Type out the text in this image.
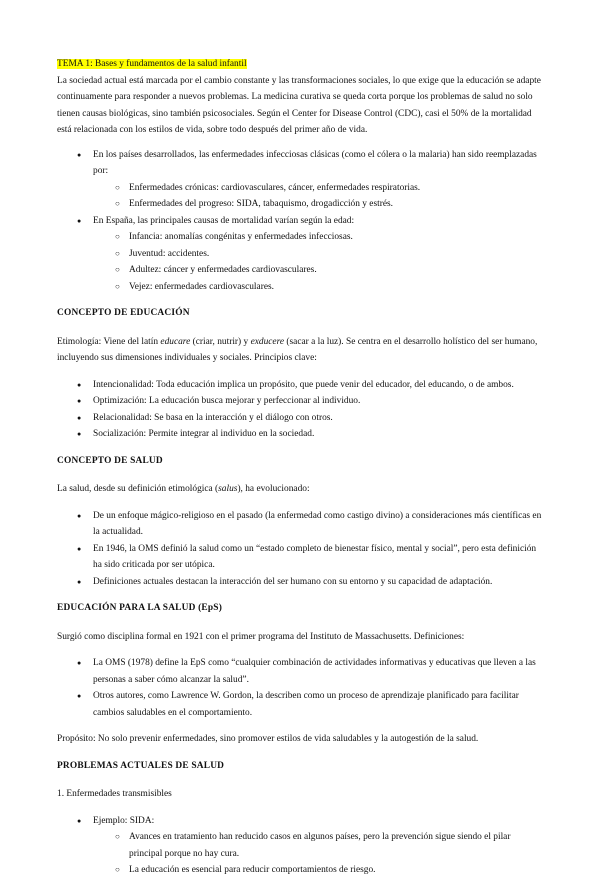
TEMA 1: Bases y fundamentos de la salud infantil

La sociedad actual está marcada por el cambio constante y las transformaciones sociales, lo que exige que la educación se adapte continuamente para responder a nuevos problemas. La medicina curativa se queda corta porque los problemas de salud no solo tienen causas biológicas, sino también psicosociales. Según el Center for Disease Control (CDC), casi el 50% de la mortalidad está relacionada con los estilos de vida, sobre todo después del primer año de vida.

● En los países desarrollados, las enfermedades infecciosas clásicas (como el cólera o la malaria) han sido reemplazadas por:
○ Enfermedades crónicas: cardiovasculares, cáncer, enfermedades respiratorias.
○ Enfermedades del progreso: SIDA, tabaquismo, drogadicción y estrés.
● En España, las principales causas de mortalidad varían según la edad:
○ Infancia: anomalías congénitas y enfermedades infecciosas.
○ Juventud: accidentes.
○ Adultez: cáncer y enfermedades cardiovasculares.
○ Vejez: enfermedades cardiovasculares.

CONCEPTO DE EDUCACIÓN

Etimología: Viene del latín educare (criar, nutrir) y exducere (sacar a la luz). Se centra en el desarrollo holístico del ser humano, incluyendo sus dimensiones individuales y sociales. Principios clave:

● Intencionalidad: Toda educación implica un propósito, que puede venir del educador, del educando, o de ambos.
● Optimización: La educación busca mejorar y perfeccionar al individuo.
● Relacionalidad: Se basa en la interacción y el diálogo con otros.
● Socialización: Permite integrar al individuo en la sociedad.

CONCEPTO DE SALUD

La salud, desde su definición etimológica (salus), ha evolucionado:

● De un enfoque mágico-religioso en el pasado (la enfermedad como castigo divino) a consideraciones más científicas en la actualidad.
● En 1946, la OMS definió la salud como un “estado completo de bienestar físico, mental y social”, pero esta definición ha sido criticada por ser utópica.
● Definiciones actuales destacan la interacción del ser humano con su entorno y su capacidad de adaptación.

EDUCACIÓN PARA LA SALUD (EpS)

Surgió como disciplina formal en 1921 con el primer programa del Instituto de Massachusetts. Definiciones:

● La OMS (1978) define la EpS como “cualquier combinación de actividades informativas y educativas que lleven a las personas a saber cómo alcanzar la salud”.
● Otros autores, como Lawrence W. Gordon, la describen como un proceso de aprendizaje planificado para facilitar cambios saludables en el comportamiento.

Propósito: No solo prevenir enfermedades, sino promover estilos de vida saludables y la autogestión de la salud.

PROBLEMAS ACTUALES DE SALUD

1. Enfermedades transmisibles

● Ejemplo: SIDA:
○ Avances en tratamiento han reducido casos en algunos países, pero la prevención sigue siendo el pilar principal porque no hay cura.
○ La educación es esencial para reducir comportamientos de riesgo.
